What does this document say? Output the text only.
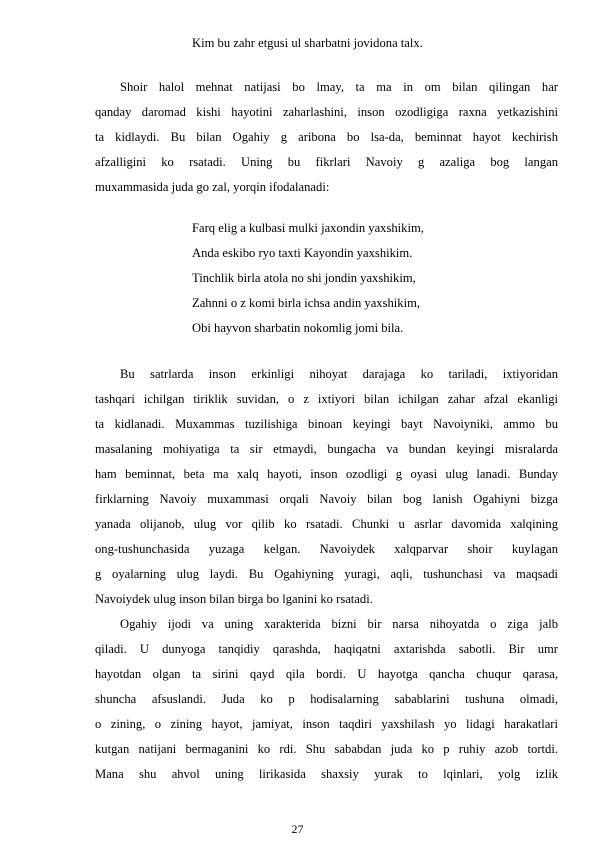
Kim bu zahr etgusi ul sharbatni jovidona talx.
Shoir halol mehnat natijasi bo lmay, ta ma in om bilan qilingan har
qanday daromad kishi hayotini zaharlashini, inson ozodligiga raxna yetkazishini
ta kidlaydi. Bu bilan Ogahiy g aribona bo lsa-da, beminnat hayot kechirish
afzalligini ko rsatadi. Uning bu fikrlari Navoiy g azaliga bog langan
muxammasida juda go zal, yorqin ifodalanadi:
Farq elig a kulbasi mulki jaxondin yaxshikim,
Anda eskibo ryo taxti Kayondin yaxshikim.
Tinchlik birla atola no shi jondin yaxshikim,
Zahnni o z komi birla ichsa andin yaxshikim,
Obi hayvon sharbatin nokomlig jomi bila.
Bu satrlarda inson erkinligi nihoyat darajaga ko tariladi, ixtiyoridan
tashqari ichilgan tiriklik suvidan, o z ixtiyori bilan ichilgan zahar afzal ekanligi
ta kidlanadi. Muxammas tuzilishiga binoan keyingi bayt Navoiyniki, ammo bu
masalaning mohiyatiga ta sir etmaydi, bungacha va bundan keyingi misralarda
ham beminnat, beta ma xalq hayoti, inson ozodligi g oyasi ulug lanadi. Bunday
firklarning Navoiy muxammasi orqali Navoiy bilan bog lanish Ogahiyni bizga
yanada olijanob, ulug vor qilib ko rsatadi. Chunki u asrlar davomida xalqining
ong-tushunchasida yuzaga kelgan. Navoiydek xalqparvar shoir kuylagan
g oyalarning ulug laydi. Bu Ogahiyning yuragi, aqli, tushunchasi va maqsadi
Navoiydek ulug inson bilan birga bo lganini ko rsatadi.
Ogahiy ijodi va uning xarakterida bizni bir narsa nihoyatda o ziga jalb
qiladi. U dunyoga tanqidiy qarashda, haqiqatni axtarishda sabotli. Bir umr
hayotdan olgan ta sirini qayd qila bordi. U hayotga qancha chuqur qarasa,
shuncha afsuslandi. Juda ko p hodisalarning sabablarini tushuna olmadi,
o zining, o zining hayot, jamiyat, inson taqdiri yaxshilash yo lidagi harakatlari
kutgan natijani bermaganini ko rdi. Shu sababdan juda ko p ruhiy azob tortdi.
Mana shu ahvol uning lirikasida shaxsiy yurak to lqinlari, yolg izlik
27
